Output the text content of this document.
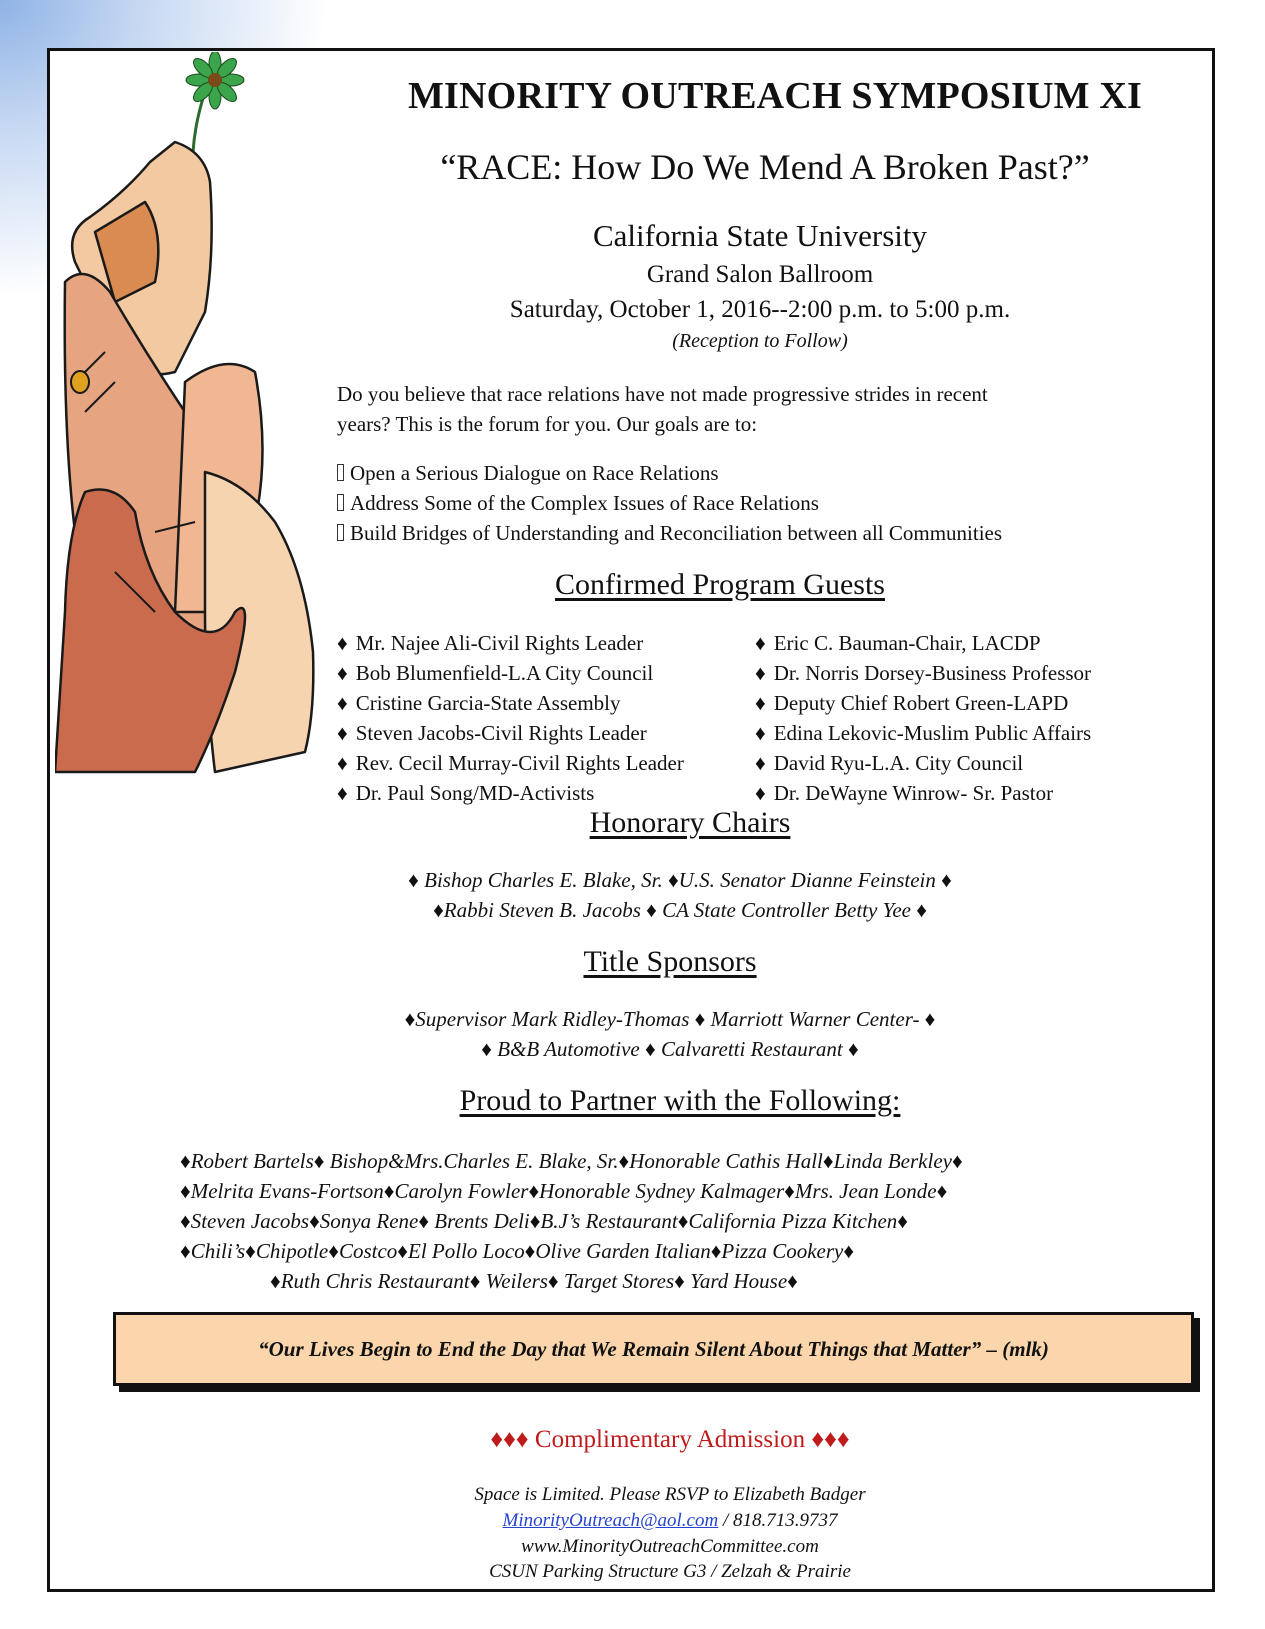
MINORITY OUTREACH SYMPOSIUM XI
“RACE: How Do We Mend A Broken Past?”
California State University
Grand Salon Ballroom
Saturday, October 1, 2016--2:00 p.m. to 5:00 p.m.
(Reception to Follow)
Do you believe that race relations have not made progressive strides in recent
years? This is the forum for you. Our goals are to:
Open a Serious Dialogue on Race Relations
Address Some of the Complex Issues of Race Relations
Build Bridges of Understanding and Reconciliation between all Communities
Confirmed Program Guests
♦ Mr. Najee Ali-Civil Rights Leader
♦ Bob Blumenfield-L.A City Council
♦ Cristine Garcia-State Assembly
♦ Steven Jacobs-Civil Rights Leader
♦ Rev. Cecil Murray-Civil Rights Leader
♦ Dr. Paul Song/MD-Activists
♦ Eric C. Bauman-Chair, LACDP
♦ Dr. Norris Dorsey-Business Professor
♦ Deputy Chief Robert Green-LAPD
♦ Edina Lekovic-Muslim Public Affairs
♦ David Ryu-L.A. City Council
♦ Dr. DeWayne Winrow- Sr. Pastor
Honorary Chairs
♦ Bishop Charles E. Blake, Sr. ♦U.S. Senator Dianne Feinstein ♦
♦Rabbi Steven B. Jacobs ♦ CA State Controller Betty Yee ♦
Title Sponsors
♦Supervisor Mark Ridley-Thomas ♦ Marriott Warner Center- ♦
♦ B&B Automotive ♦ Calvaretti Restaurant ♦
Proud to Partner with the Following:
♦Robert Bartels♦ Bishop&Mrs.Charles E. Blake, Sr.♦Honorable Cathis Hall♦Linda Berkley♦
♦Melrita Evans-Fortson♦Carolyn Fowler♦Honorable Sydney Kalmager♦Mrs. Jean Londe♦
♦Steven Jacobs♦Sonya Rene♦ Brents Deli♦B.J’s Restaurant♦California Pizza Kitchen♦
♦Chili’s♦Chipotle♦Costco♦El Pollo Loco♦Olive Garden Italian♦Pizza Cookery♦
♦Ruth Chris Restaurant♦ Weilers♦ Target Stores♦ Yard House♦
“Our Lives Begin to End the Day that We Remain Silent About Things that Matter” – (mlk)
♦♦♦ Complimentary Admission ♦♦♦
Space is Limited. Please RSVP to Elizabeth Badger
MinorityOutreach@aol.com / 818.713.9737
www.MinorityOutreachCommittee.com
CSUN Parking Structure G3 / Zelzah & Prairie
